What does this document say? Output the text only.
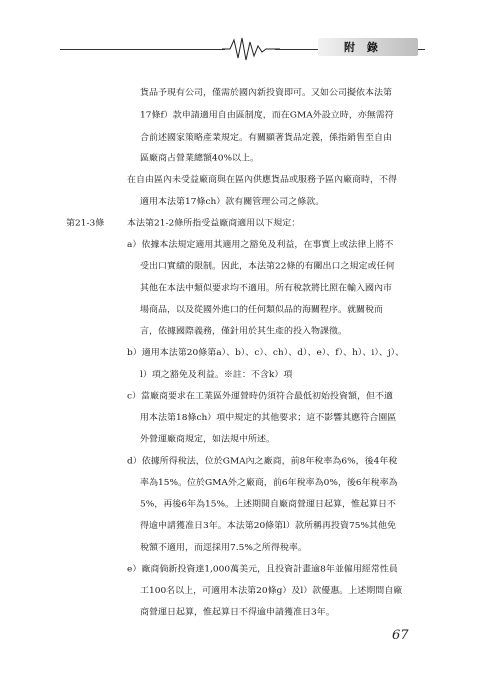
附 錄
貨品予現有公司，僅需於國內新投資即可。又如公司擬依本法第
17條f）款申請適用自由區制度，而在GMA外設立時，亦無需符
合前述國家策略產業規定。有關顯著貨品定義，係指銷售至自由
區廠商占營業總額40%以上。
在自由區內未受益廠商與在區內供應貨品或服務予區內廠商時，不得
適用本法第17條ch）款有關管理公司之條款。
第21-3條	本法第21-2條所指受益廠商適用以下規定：
a）依據本法規定適用其適用之豁免及利益，在事實上或法律上將不
受出口實績的限制。因此，本法第22條的有關出口之規定或任何
其他在本法中類似要求均不適用。所有稅款將比照在輸入國內市
場商品，以及從國外進口的任何類似品的海關程序。就關稅而
言，依據國際義務，僅針用於其生產的投入物課徵。
b）適用本法第20條第a）、b）、c）、ch）、d）、e）、f）、h）、i）、j）、
l）項之豁免及利益。※註：不含k）項
c）當廠商要求在工業區外運營時仍須符合最低初始投資額，但不適
用本法第18條ch）項中規定的其他要求；這不影響其應符合園區
外營運廠商規定，如法規中所述。
d）依據所得稅法，位於GMA內之廠商，前8年稅率為6%，後4年稅
率為15%。位於GMA外之廠商，前6年稅率為0%，後6年稅率為
5%，再後6年為15%。上述期間自廠商營運日起算，惟起算日不
得逾申請獲准日3年。本法第20條第l）款所稱再投資75%其他免
稅額不適用，而逕採用7.5%之所得稅率。
e）廠商倘新投資達1,000萬美元，且投資計畫逾8年並僱用經常性員
工100名以上，可適用本法第20條g）及l）款優惠。上述期間自廠
商營運日起算，惟起算日不得逾申請獲准日3年。
67
